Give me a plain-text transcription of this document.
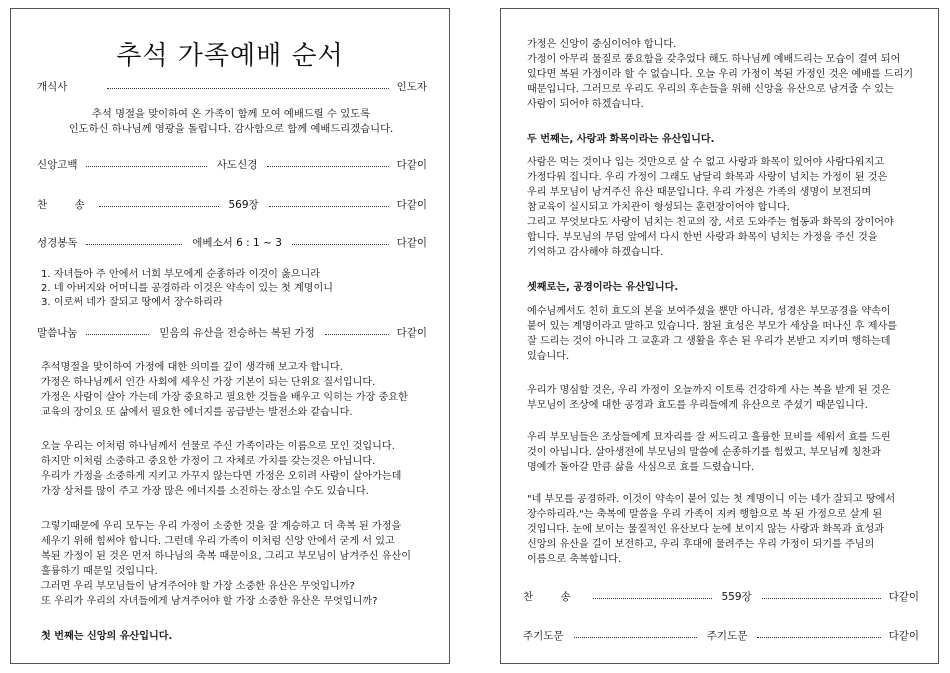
추석 가족예배 순서
개식사	인도자
추석 명절을 맞이하여 온 가족이 함께 모여 예배드릴 수 있도록
인도하신 하나님께 영광을 돌립니다. 감사함으로 함께 예배드리겠습니다.
신앙고백	사도신경	다같이
찬 송	569장	다같이
성경봉독	에베소서 6 : 1 ~ 3	다같이
1. 자녀들아 주 안에서 너희 부모에게 순종하라 이것이 옳으니라
2. 네 아버지와 어머니를 공경하라 이것은 약속이 있는 첫 계명이니
3. 이로써 네가 잘되고 땅에서 장수하리라
말씀나눔	믿음의 유산을 전승하는 복된 가정	다같이
추석명절을 맞이하여 가정에 대한 의미를 깊이 생각해 보고자 합니다.
가정은 하나님께서 인간 사회에 세우신 가장 기본이 되는 단위요 질서입니다.
가정은 사람이 살아 가는데 가장 중요하고 필요한 것들을 배우고 익히는 가장 중요한
교육의 장이요 또 삶에서 필요한 에너지를 공급받는 발전소와 같습니다.
오늘 우리는 이처럼 하나님께서 선물로 주신 가족이라는 이름으로 모인 것입니다.
하지만 이처럼 소중하고 중요한 가정이 그 자체로 가치를 갖는것은 아닙니다.
우리가 가정을 소중하게 지키고 가꾸지 않는다면 가정은 오히려 사람이 살아가는데
가장 상처를 많이 주고 가장 많은 에너지를 소진하는 장소일 수도 있습니다.
그렇기때문에 우리 모두는 우리 가정이 소중한 것을 잘 계승하고 더 축복 된 가정을
세우기 위해 힘써야 합니다. 그런데 우리 가족이 이처럼 신앙 안에서 굳게 서 있고
복된 가정이 된 것은 먼저 하나님의 축복 때문이요, 그리고 부모님이 남겨주신 유산이
훌륭하기 때문일 것입니다.
그러면 우리 부모님들이 남겨주어야 할 가장 소중한 유산은 무엇입니까?
또 우리가 우리의 자녀들에게 남겨주어야 할 가장 소중한 유산은 무엇입니까?
첫 번째는 신앙의 유산입니다.
가정은 신앙이 중심이어야 합니다.
가정이 아무리 물질로 풍요함을 갖추었다 해도 하나님께 예배드리는 모습이 결여 되어
있다면 복된 가정이라 할 수 없습니다. 오늘 우리 가정이 복된 가정인 것은 예배를 드리기
때문입니다. 그러므로 우리도 우리의 후손들을 위해 신앙을 유산으로 남겨줄 수 있는
사람이 되어야 하겠습니다.
두 번째는, 사랑과 화목이라는 유산입니다.
사람은 먹는 것이나 입는 것만으로 살 수 없고 사랑과 화목이 있어야 사람다워지고
가정다워 집니다. 우리 가정이 그래도 남달리 화목과 사랑이 넘치는 가정이 된 것은
우리 부모님이 남겨주신 유산 때문입니다. 우리 가정은 가족의 생명이 보전되며
참교육이 실시되고 가치관이 형성되는 훈련장이어야 합니다.
그리고 무엇보다도 사랑이 넘치는 친교의 장, 서로 도와주는 협동과 화목의 장이어야
합니다. 부모님의 무덤 앞에서 다시 한번 사랑과 화목이 넘치는 가정을 주신 것을
기억하고 감사해야 하겠습니다.
셋째로는, 공경이라는 유산입니다.
예수님께서도 친히 효도의 본을 보여주셨을 뿐만 아니라, 성경은 부모공경을 약속이
붙어 있는 계명이라고 말하고 있습니다. 참된 효성은 부모가 세상을 떠나신 후 제사를
잘 드리는 것이 아니라 그 교훈과 그 생활을 후손 된 우리가 본받고 지키며 행하는데
있습니다.
우리가 명심할 것은, 우리 가정이 오늘까지 이토록 건강하게 사는 복을 받게 된 것은
부모님이 조상에 대한 공경과 효도를 우리들에게 유산으로 주셨기 때문입니다.
우리 부모님들은 조상들에게 묘자리를 잘 써드리고 훌륭한 묘비를 세워서 효를 드린
것이 아닙니다. 살아생전에 부모님의 말씀에 순종하기를 힘썼고, 부모님께 칭찬과
명예가 돌아갈 만큼 삶을 사심으로 효를 드렸습니다.
"네 부모를 공경하라. 이것이 약속이 붙어 있는 첫 계명이니 이는 네가 잘되고 땅에서
장수하리라."는 축복에 말씀을 우리 가족이 지켜 행함으로 복 된 가정으로 살게 된
것입니다. 눈에 보이는 물질적인 유산보다 눈에 보이지 않는 사랑과 화목과 효성과
신앙의 유산을 길이 보전하고, 우리 후대에 물려주는 우리 가정이 되기를 주님의
이름으로 축복합니다.
찬 송	559장	다같이
주기도문	주기도문	다같이
